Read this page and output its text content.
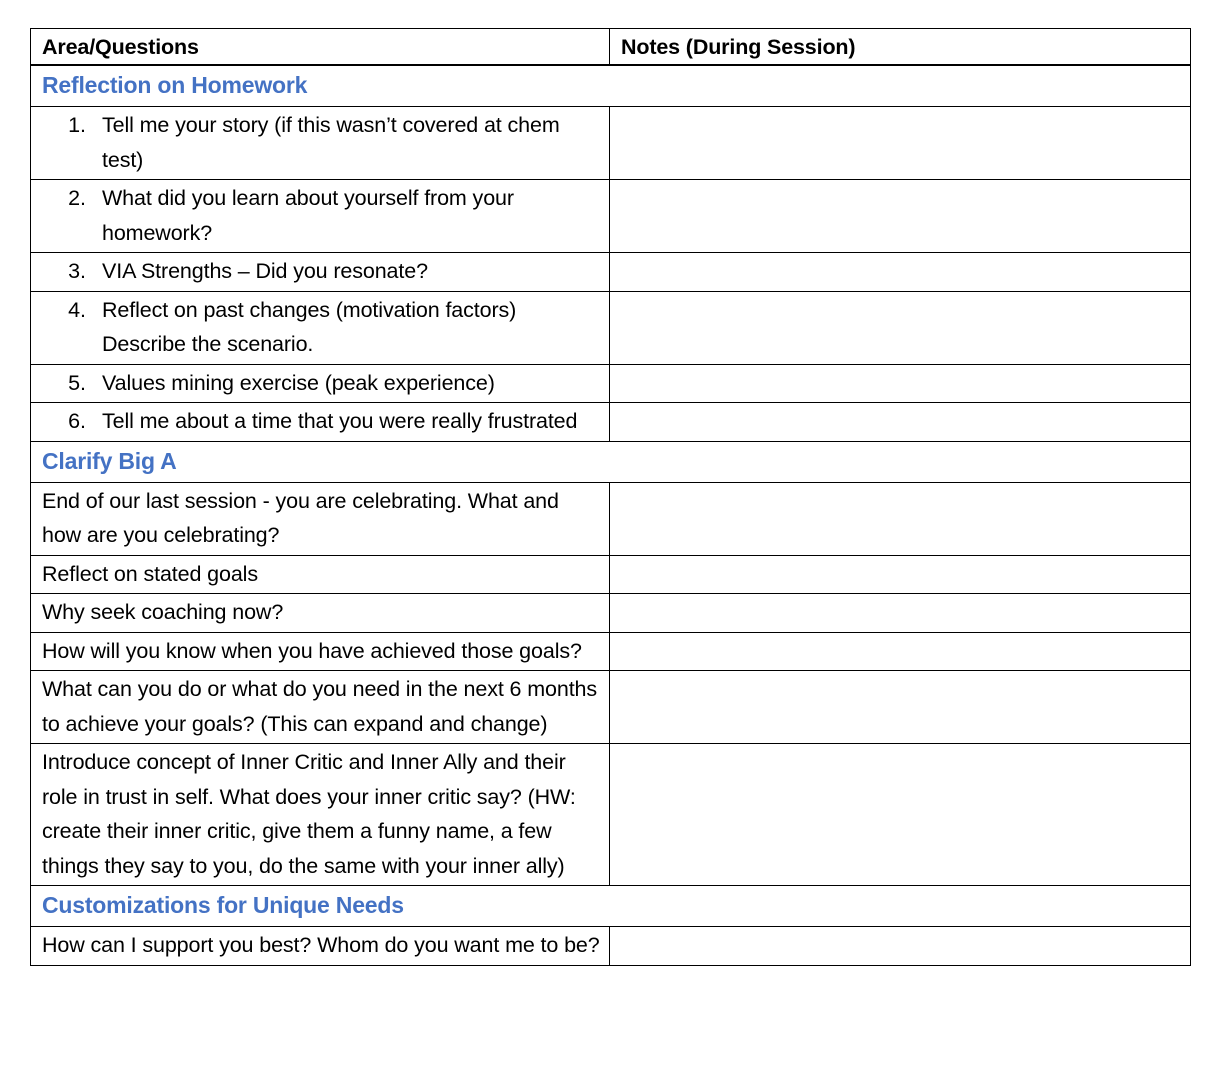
Area/Questions	Notes (During Session)

Reflection on Homework	

1. Tell me your story (if this wasn’t covered at chem test)	

2. What did you learn about yourself from your homework?	

3. VIA Strengths – Did you resonate?	

4. Reflect on past changes (motivation factors) Describe the scenario.	

5. Values mining exercise (peak experience)	

6. Tell me about a time that you were really frustrated	

Clarify Big A	

End of our last session - you are celebrating. What and how are you celebrating?	

Reflect on stated goals	

Why seek coaching now?	

How will you know when you have achieved those goals?	

What can you do or what do you need in the next 6 months to achieve your goals? (This can expand and change)	

Introduce concept of Inner Critic and Inner Ally and their role in trust in self. What does your inner critic say? (HW: create their inner critic, give them a funny name, a few things they say to you, do the same with your inner ally)	

Customizations for Unique Needs	

How can I support you best? Whom do you want me to be?	
